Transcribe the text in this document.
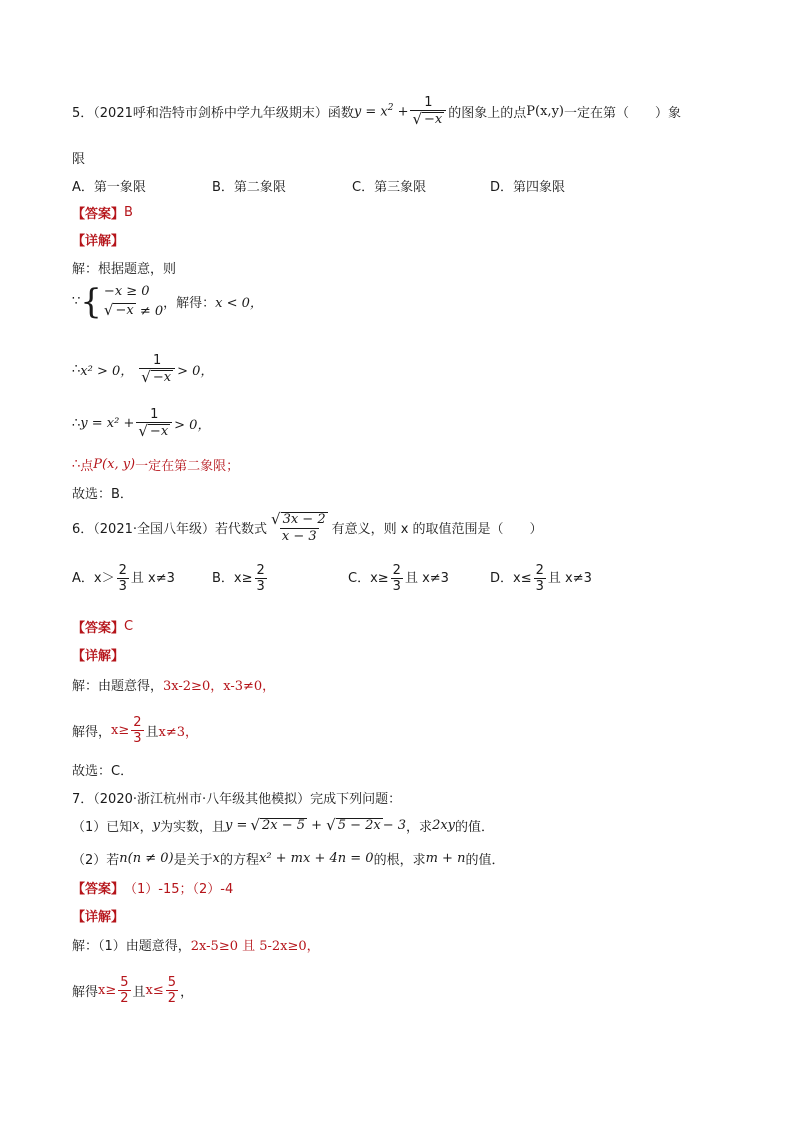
5．（2021呼和浩特市剑桥中学九年级期末）函数 $y = x^2 + \frac{1}{√ -x}$ 的图象上的点 P(x,y) 一定在第（　　）象
限
A．第一象限	B．第二象限	C．第三象限	D．第四象限
【答案】 B
【详解】
解：根据题意，则
∵ { −x ≥ 0
√ −x ≠ 0
，解得： x < 0，
∴ x² > 0， $\frac{1}{√ -x} > 0$，
∴ $y = x^2 + \frac{1}{√ -x} > 0$，
∴ 点 P(x, y) 一定在第二象限；
故选：B．
6．（2021·全国八年级）若代数式 $\frac{√ 3x - 2}{x - 3}$ 有意义，则 x 的取值范围是（　　）
A．$x> \frac{2}{3}$ 且 x≠3	B．$x\ge \frac{2}{3}$	C．$x\ge \frac{2}{3}$ 且 x≠3	D．$x\le \frac{2}{3}$ 且 x≠3
【答案】 C
【详解】
解：由题意得， 3x-2≥0，x-3≠0，
解得， $x\ge \frac{2}{3}$ 且 x≠3，
故选：C．
7．（2020·浙江杭州市·八年级其他模拟）完成下列问题：
（1）已知 x ， y 为实数，且 y = √ 2x − 5 + √ 5 − 2x − 3 ，求 2xy 的值．
（2）若 n(n ≠ 0) 是关于 x 的方程 x² + mx + 4n = 0 的根，求 m + n 的值．
【答案】 （1）-15；（2）-4
【详解】
解：（1）由题意得， 2x-5≥0 且 5-2x≥0，
解得 $x\ge \frac{5}{2}$ 且 $x\le \frac{5}{2}$ ，
